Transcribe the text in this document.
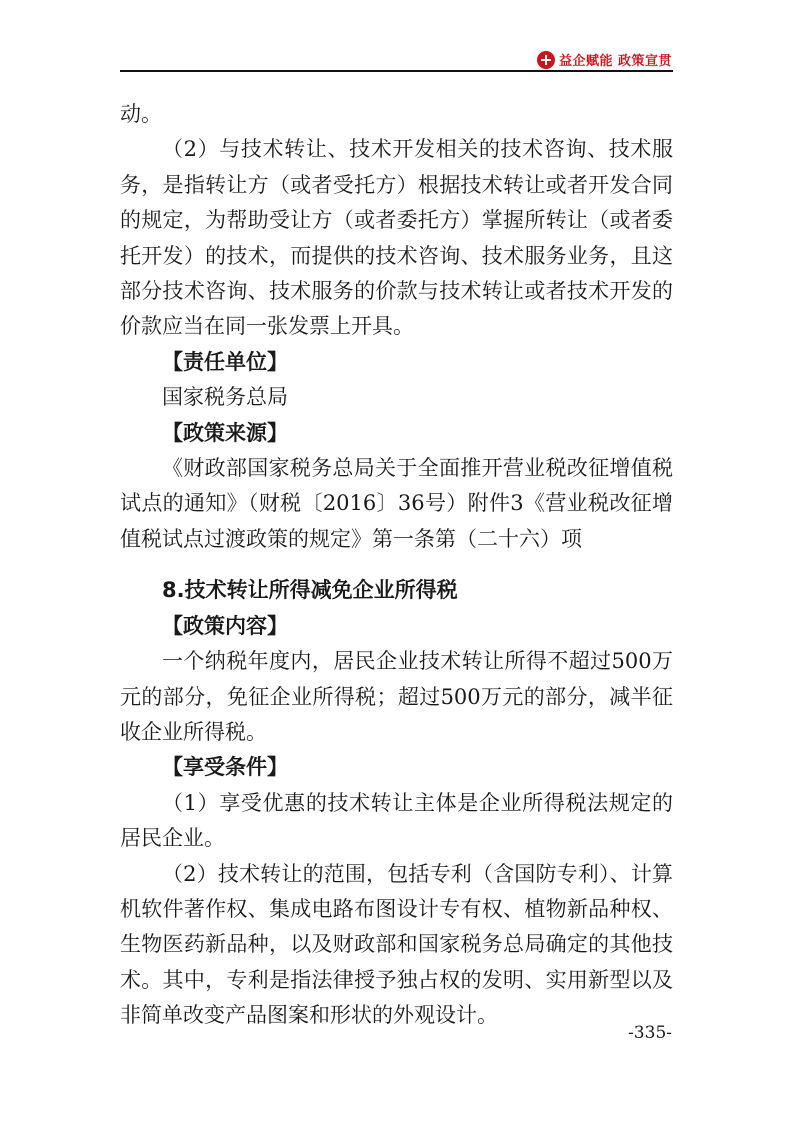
益企赋能 政策宣贯

动。

（2）与技术转让、技术开发相关的技术咨询、技术服务，是指转让方（或者受托方）根据技术转让或者开发合同的规定，为帮助受让方（或者委托方）掌握所转让（或者委托开发）的技术，而提供的技术咨询、技术服务业务，且这部分技术咨询、技术服务的价款与技术转让或者技术开发的价款应当在同一张发票上开具。

【责任单位】

国家税务总局

【政策来源】

《财政部国家税务总局关于全面推开营业税改征增值税试点的通知》（财税〔2016〕36号）附件3《营业税改征增值税试点过渡政策的规定》第一条第（二十六）项

8.技术转让所得减免企业所得税

【政策内容】

一个纳税年度内，居民企业技术转让所得不超过500万元的部分，免征企业所得税；超过500万元的部分，减半征收企业所得税。

【享受条件】

（1）享受优惠的技术转让主体是企业所得税法规定的居民企业。

（2）技术转让的范围，包括专利（含国防专利）、计算机软件著作权、集成电路布图设计专有权、植物新品种权、生物医药新品种，以及财政部和国家税务总局确定的其他技术。其中，专利是指法律授予独占权的发明、实用新型以及非简单改变产品图案和形状的外观设计。

-335-
